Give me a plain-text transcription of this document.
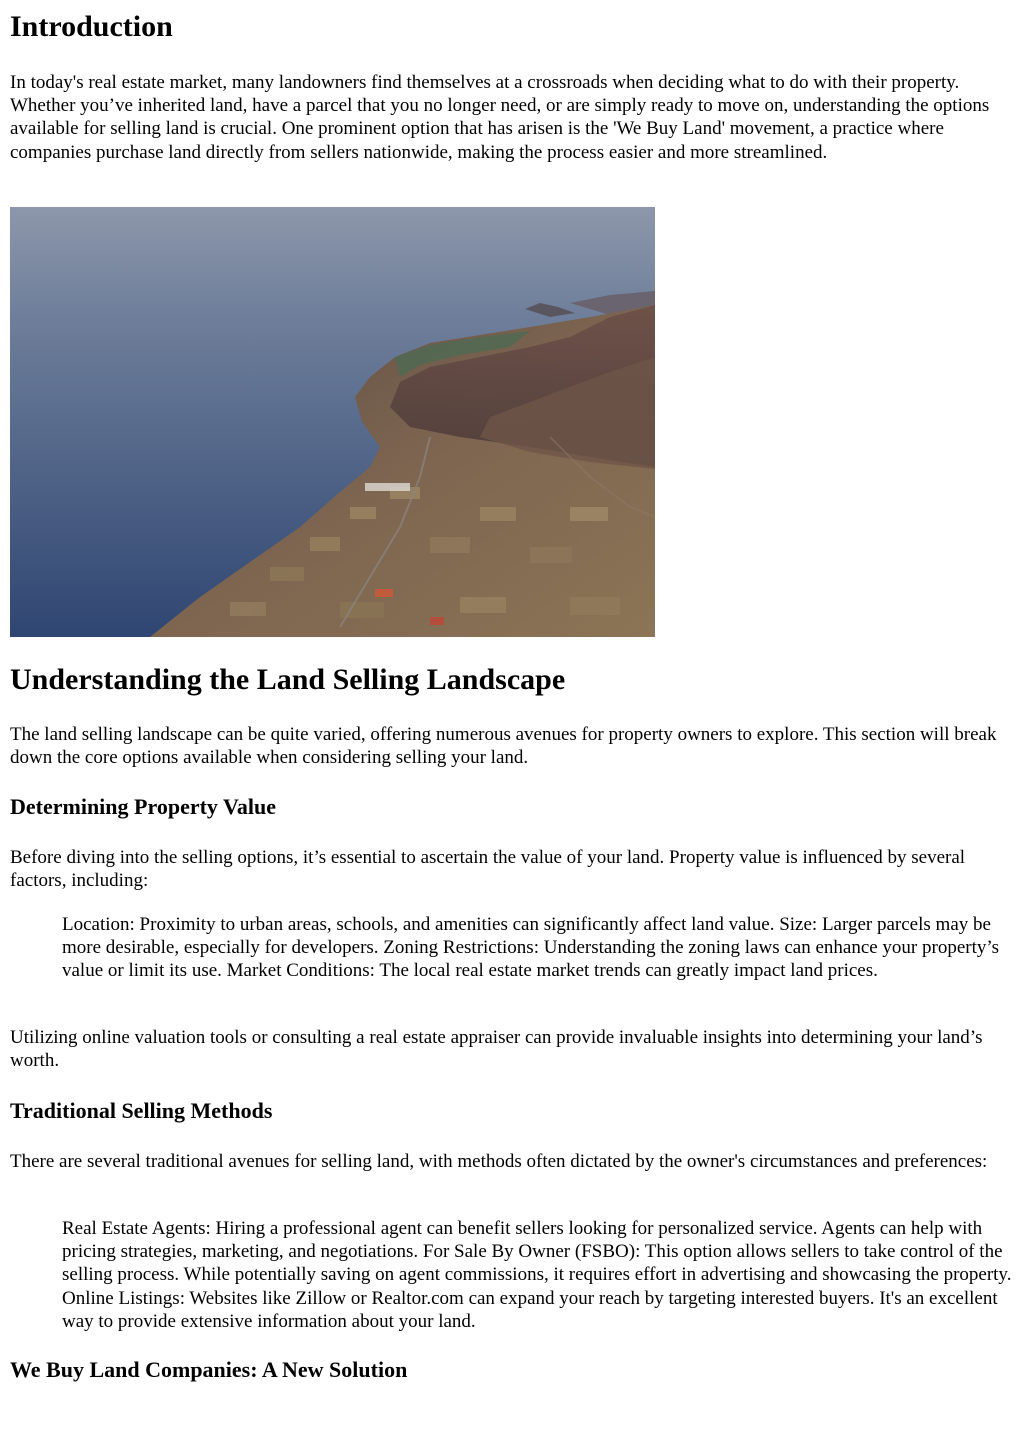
Introduction

In today's real estate market, many landowners find themselves at a crossroads when deciding what to do with their property. Whether you’ve inherited land, have a parcel that you no longer need, or are simply ready to move on, understanding the options available for selling land is crucial. One prominent option that has arisen is the 'We Buy Land' movement, a practice where companies purchase land directly from sellers nationwide, making the process easier and more streamlined.

Understanding the Land Selling Landscape

The land selling landscape can be quite varied, offering numerous avenues for property owners to explore. This section will break down the core options available when considering selling your land.

Determining Property Value

Before diving into the selling options, it’s essential to ascertain the value of your land. Property value is influenced by several factors, including:

Location: Proximity to urban areas, schools, and amenities can significantly affect land value. Size: Larger parcels may be more desirable, especially for developers. Zoning Restrictions: Understanding the zoning laws can enhance your property’s value or limit its use. Market Conditions: The local real estate market trends can greatly impact land prices.

Utilizing online valuation tools or consulting a real estate appraiser can provide invaluable insights into determining your land’s worth.

Traditional Selling Methods

There are several traditional avenues for selling land, with methods often dictated by the owner's circumstances and preferences:

Real Estate Agents: Hiring a professional agent can benefit sellers looking for personalized service. Agents can help with pricing strategies, marketing, and negotiations. For Sale By Owner (FSBO): This option allows sellers to take control of the selling process. While potentially saving on agent commissions, it requires effort in advertising and showcasing the property. Online Listings: Websites like Zillow or Realtor.com can expand your reach by targeting interested buyers. It's an excellent way to provide extensive information about your land.
We Buy Land Companies: A New Solution
